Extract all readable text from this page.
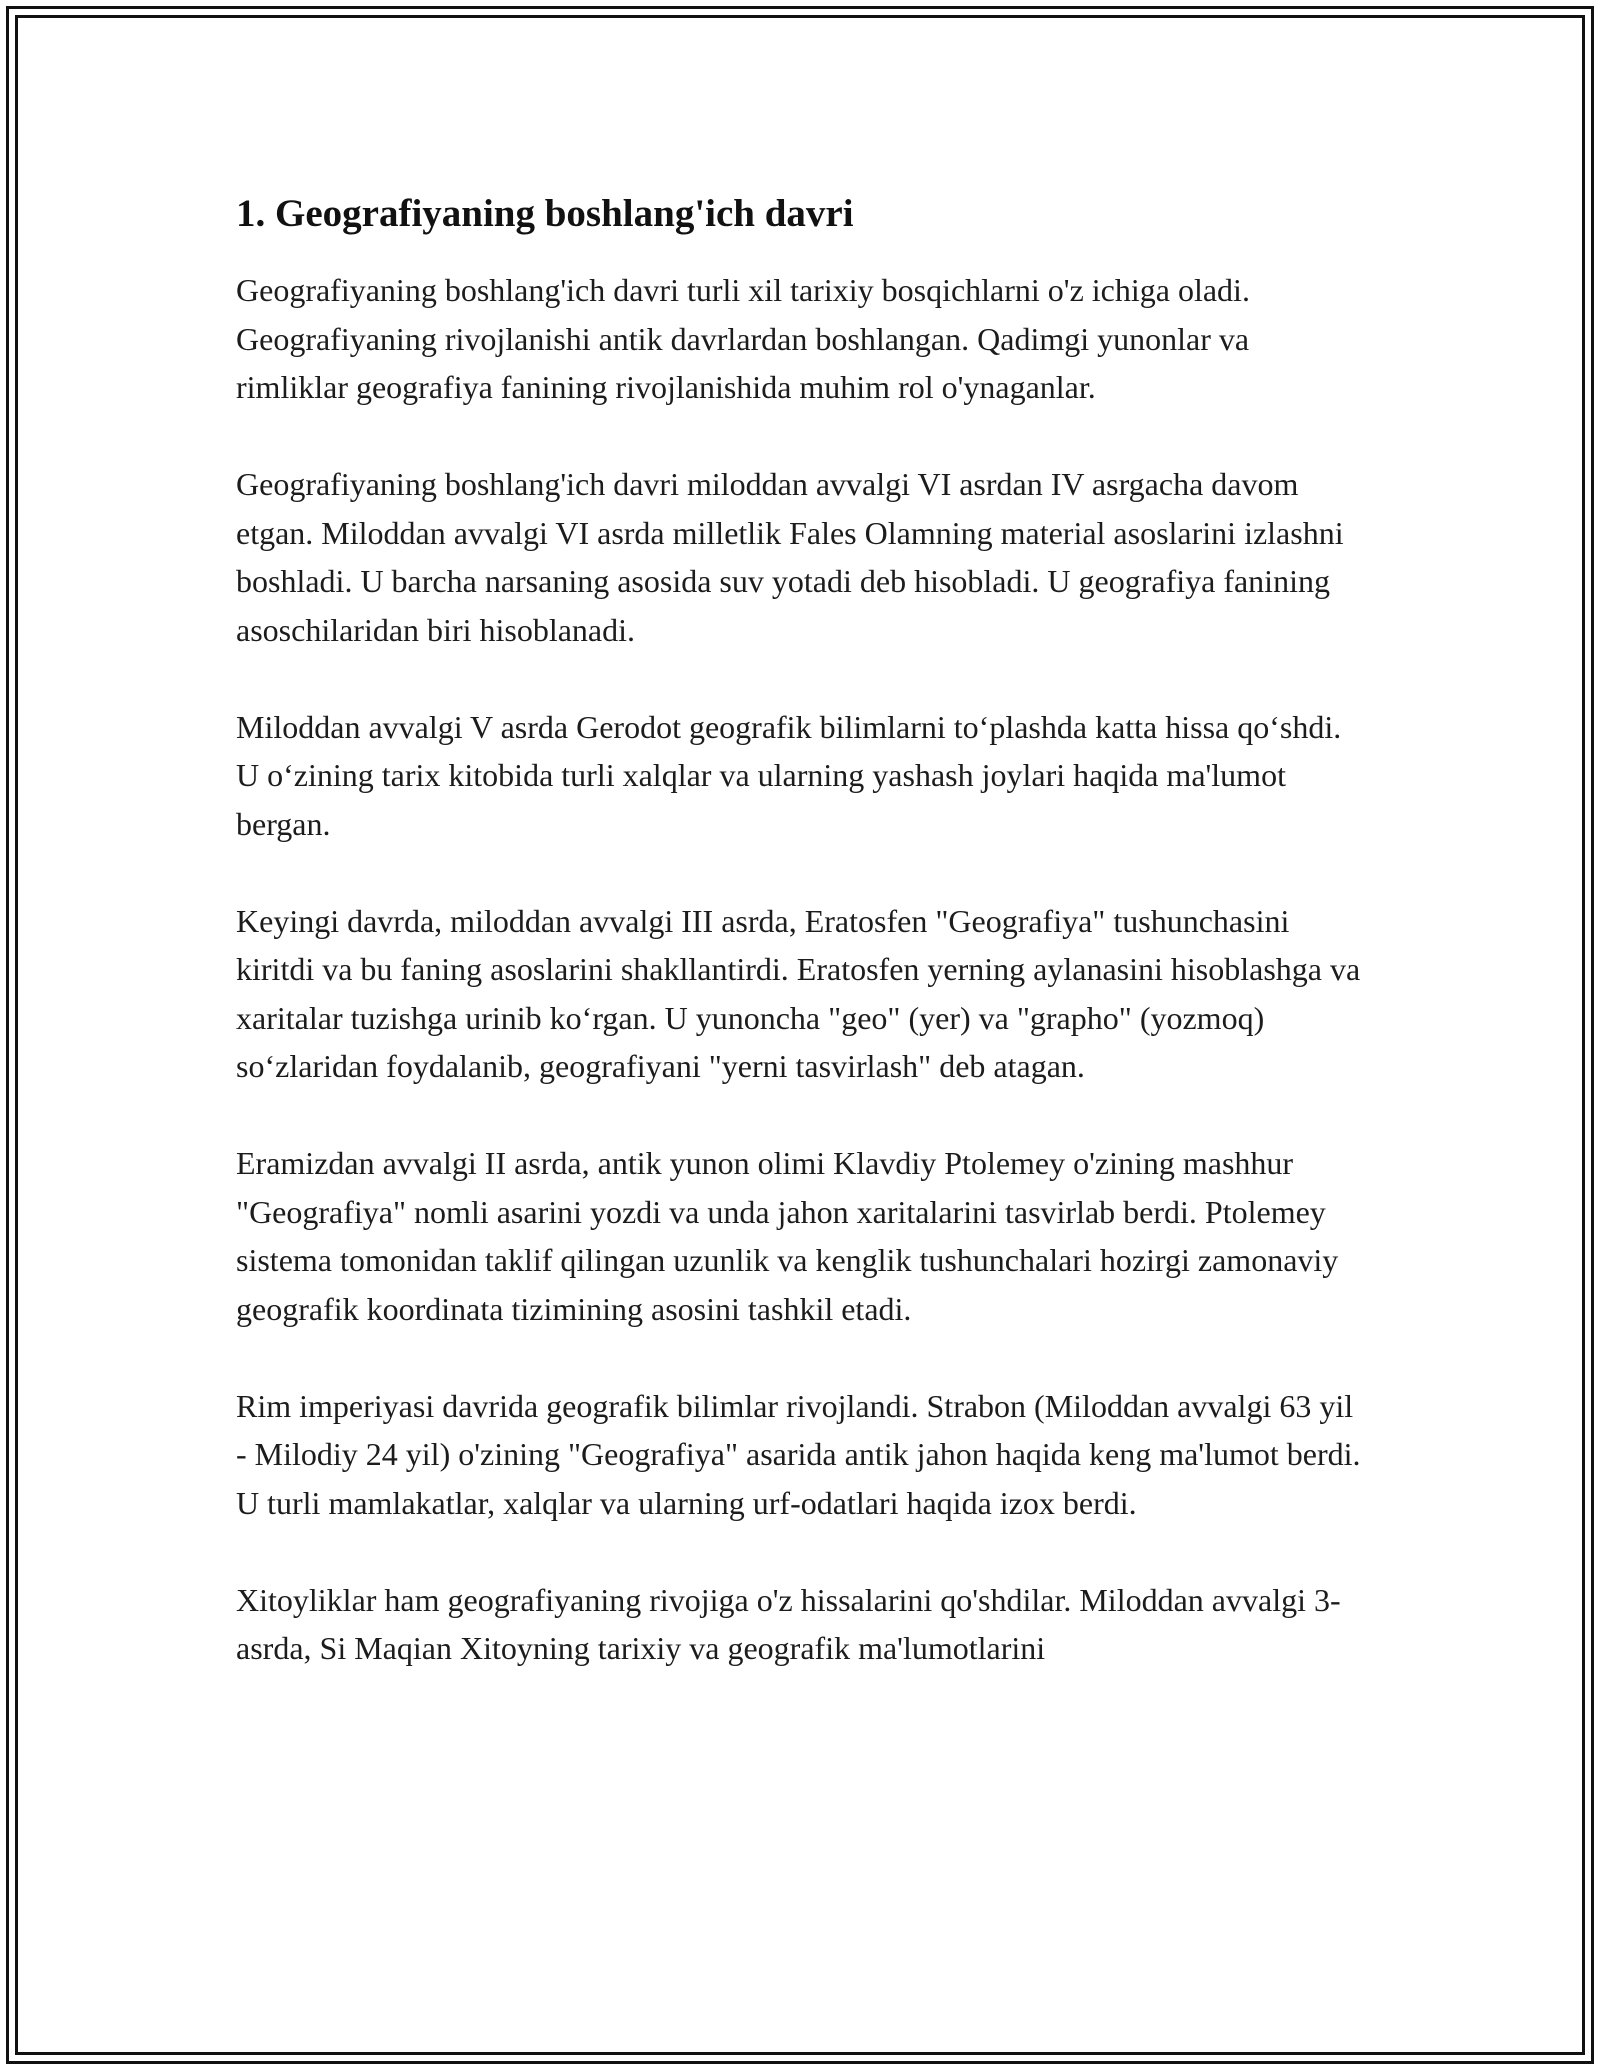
1. Geografiyaning boshlang'ich davri

Geografiyaning boshlang'ich davri turli xil tarixiy bosqichlarni o'z ichiga oladi. Geografiyaning rivojlanishi antik davrlardan boshlangan. Qadimgi yunonlar va rimliklar geografiya fanining rivojlanishida muhim rol o'ynaganlar.

Geografiyaning boshlang'ich davri miloddan avvalgi VI asrdan IV asrgacha davom etgan. Miloddan avvalgi VI asrda milletlik Fales Olamning material asoslarini izlashni boshladi. U barcha narsaning asosida suv yotadi deb hisobladi. U geografiya fanining asoschilaridan biri hisoblanadi.

Miloddan avvalgi V asrda Gerodot geografik bilimlarni to‘plashda katta hissa qo‘shdi. U o‘zining tarix kitobida turli xalqlar va ularning yashash joylari haqida ma'lumot bergan.

Keyingi davrda, miloddan avvalgi III asrda, Eratosfen "Geografiya" tushunchasini kiritdi va bu faning asoslarini shakllantirdi. Eratosfen yerning aylanasini hisoblashga va xaritalar tuzishga urinib ko‘rgan. U yunoncha "geo" (yer) va "grapho" (yozmoq) so‘zlaridan foydalanib, geografiyani "yerni tasvirlash" deb atagan.

Eramizdan avvalgi II asrda, antik yunon olimi Klavdiy Ptolemey o'zining mashhur "Geografiya" nomli asarini yozdi va unda jahon xaritalarini tasvirlab berdi. Ptolemey sistema tomonidan taklif qilingan uzunlik va kenglik tushunchalari hozirgi zamonaviy geografik koordinata tizimining asosini tashkil etadi.

Rim imperiyasi davrida geografik bilimlar rivojlandi. Strabon (Miloddan avvalgi 63 yil - Milodiy 24 yil) o'zining "Geografiya" asarida antik jahon haqida keng ma'lumot berdi. U turli mamlakatlar, xalqlar va ularning urf-odatlari haqida izox berdi.

Xitoyliklar ham geografiyaning rivojiga o'z hissalarini qo'shdilar. Miloddan avvalgi 3-asrda, Si Maqian Xitoyning tarixiy va geografik ma'lumotlarini
